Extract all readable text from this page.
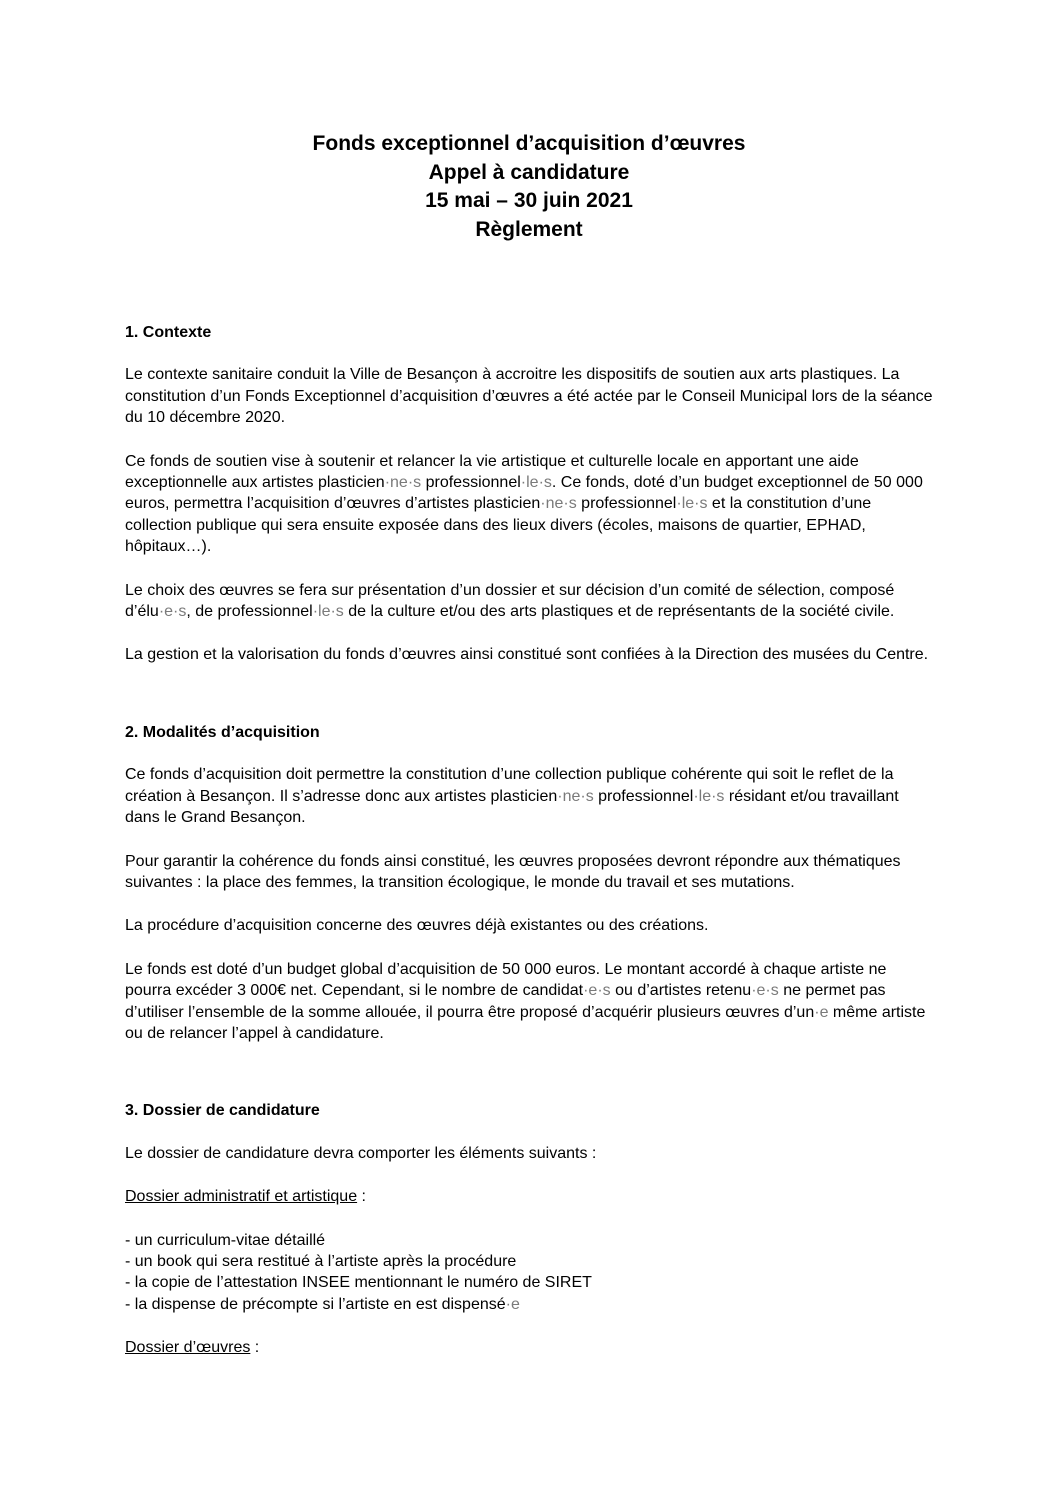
Fonds exceptionnel d’acquisition d’œuvres
Appel à candidature
15 mai – 30 juin 2021
Règlement
1. Contexte
Le contexte sanitaire conduit la Ville de Besançon à accroitre les dispositifs de soutien aux arts plastiques. La constitution d’un Fonds Exceptionnel d’acquisition d’œuvres a été actée par le Conseil Municipal lors de la séance du 10 décembre 2020.
Ce fonds de soutien vise à soutenir et relancer la vie artistique et culturelle locale en apportant une aide exceptionnelle aux artistes plasticien·ne·s professionnel·le·s. Ce fonds, doté d’un budget exceptionnel de 50 000 euros, permettra l’acquisition d’œuvres d’artistes plasticien·ne·s professionnel·le·s et la constitution d’une collection publique qui sera ensuite exposée dans des lieux divers (écoles, maisons de quartier, EPHAD, hôpitaux…).
Le choix des œuvres se fera sur présentation d’un dossier et sur décision d’un comité de sélection, composé d’élu·e·s, de professionnel·le·s de la culture et/ou des arts plastiques et de représentants de la société civile.
La gestion et la valorisation du fonds d’œuvres ainsi constitué sont confiées à la Direction des musées du Centre.
2. Modalités d’acquisition
Ce fonds d’acquisition doit permettre la constitution d’une collection publique cohérente qui soit le reflet de la création à Besançon. Il s’adresse donc aux artistes plasticien·ne·s professionnel·le·s résidant et/ou travaillant dans le Grand Besançon.
Pour garantir la cohérence du fonds ainsi constitué, les œuvres proposées devront répondre aux thématiques suivantes : la place des femmes, la transition écologique, le monde du travail et ses mutations.
La procédure d’acquisition concerne des œuvres déjà existantes ou des créations.
Le fonds est doté d’un budget global d’acquisition de 50 000 euros. Le montant accordé à chaque artiste ne pourra excéder 3 000€ net. Cependant, si le nombre de candidat·e·s ou d’artistes retenu·e·s ne permet pas d’utiliser l’ensemble de la somme allouée, il pourra être proposé d’acquérir plusieurs œuvres d’un·e même artiste ou de relancer l’appel à candidature.
3. Dossier de candidature
Le dossier de candidature devra comporter les éléments suivants :
Dossier administratif et artistique :
- un curriculum-vitae détaillé
- un book qui sera restitué à l’artiste après la procédure
- la copie de l’attestation INSEE mentionnant le numéro de SIRET
- la dispense de précompte si l’artiste en est dispensé·e
Dossier d’œuvres :
